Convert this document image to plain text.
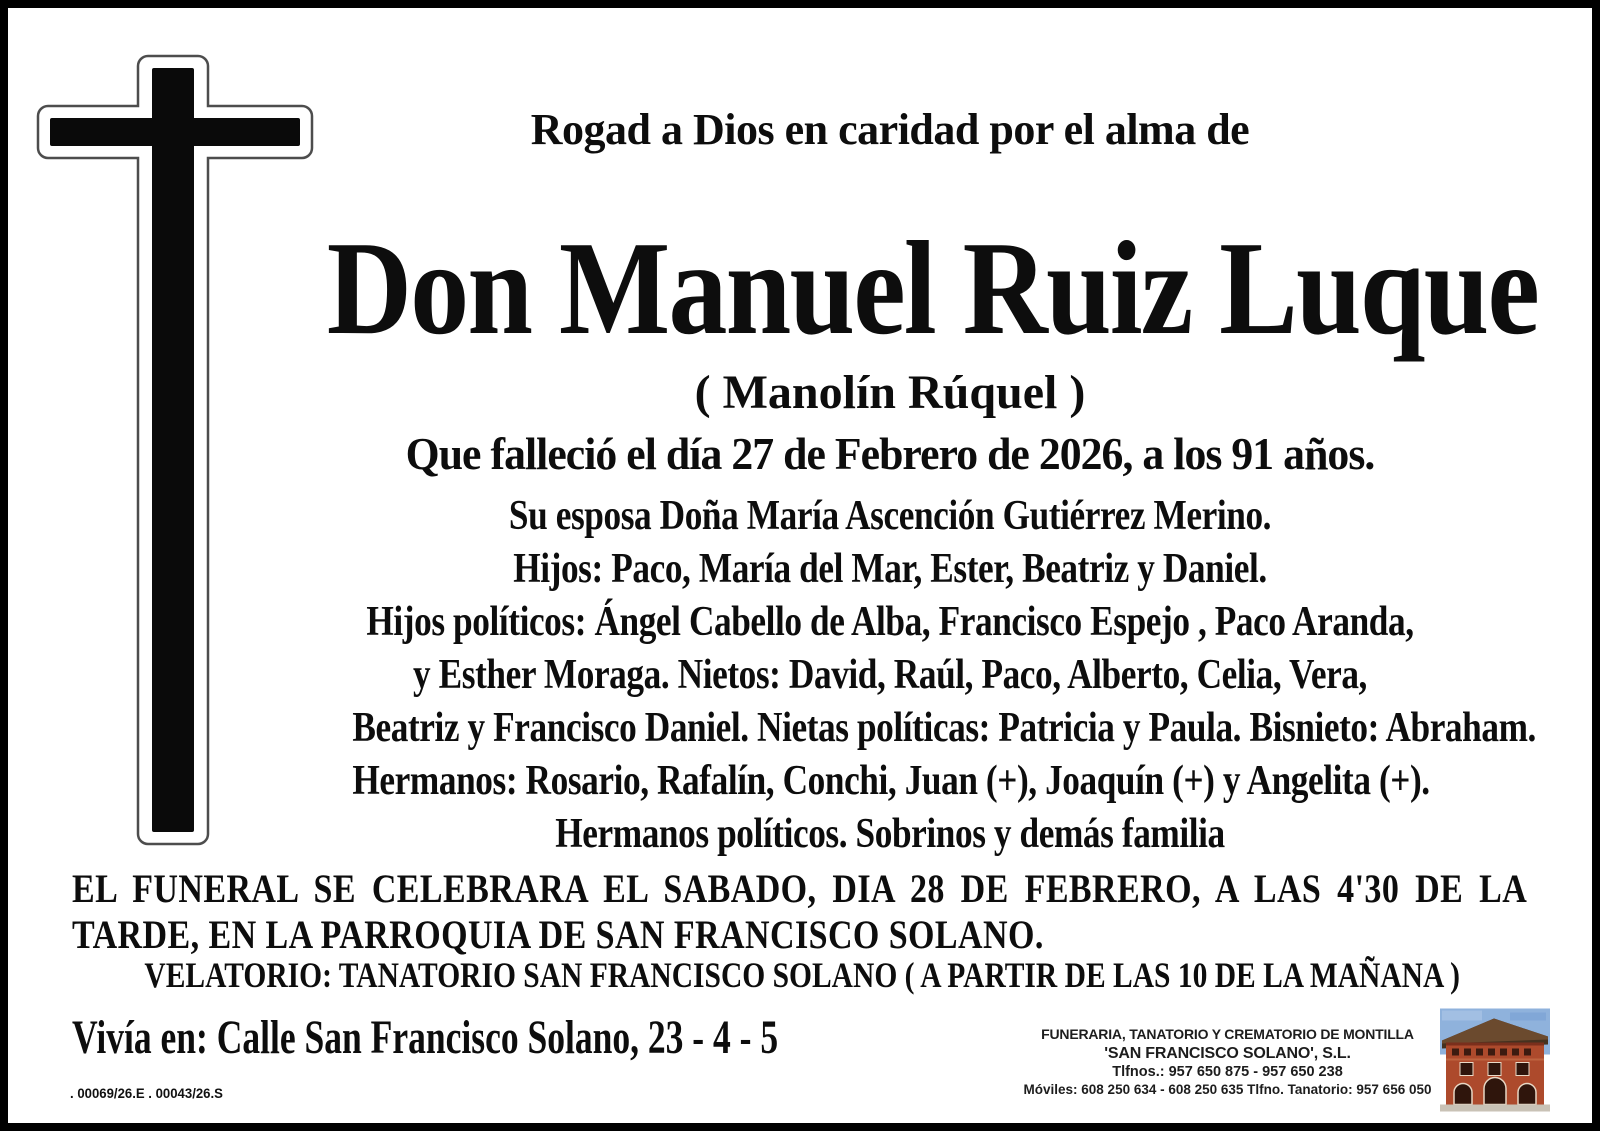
Rogad a Dios en caridad por el alma de
Don Manuel Ruiz Luque
( Manolín Rúquel )
Que falleció el día 27 de Febrero de 2026, a los 91 años.
Su esposa Doña María Ascención Gutiérrez Merino.
Hijos: Paco, María del Mar, Ester, Beatriz y Daniel.
Hijos políticos: Ángel Cabello de Alba, Francisco Espejo , Paco Aranda,
y Esther Moraga. Nietos: David, Raúl, Paco, Alberto, Celia, Vera,
Beatriz y Francisco Daniel. Nietas políticas: Patricia y Paula. Bisnieto: Abraham.
Hermanos: Rosario, Rafalín, Conchi, Juan (+), Joaquín (+) y Angelita (+).
Hermanos políticos. Sobrinos y demás familia
EL FUNERAL SE CELEBRARA EL SABADO, DIA 28 DE FEBRERO, A LAS 4'30 DE LA
TARDE, EN LA PARROQUIA DE SAN FRANCISCO SOLANO.
VELATORIO: TANATORIO SAN FRANCISCO SOLANO ( A PARTIR DE LAS 10 DE LA MAÑANA )
Vivía en: Calle San Francisco Solano, 23 - 4 - 5	FUNERARIA, TANATORIO Y CREMATORIO DE MONTILLA
'SAN FRANCISCO SOLANO', S.L.
Tlfnos.: 957 650 875 - 957 650 238
Móviles: 608 250 634 - 608 250 635 Tlfno. Tanatorio: 957 656 050
. 00069/26.E . 00043/26.S
